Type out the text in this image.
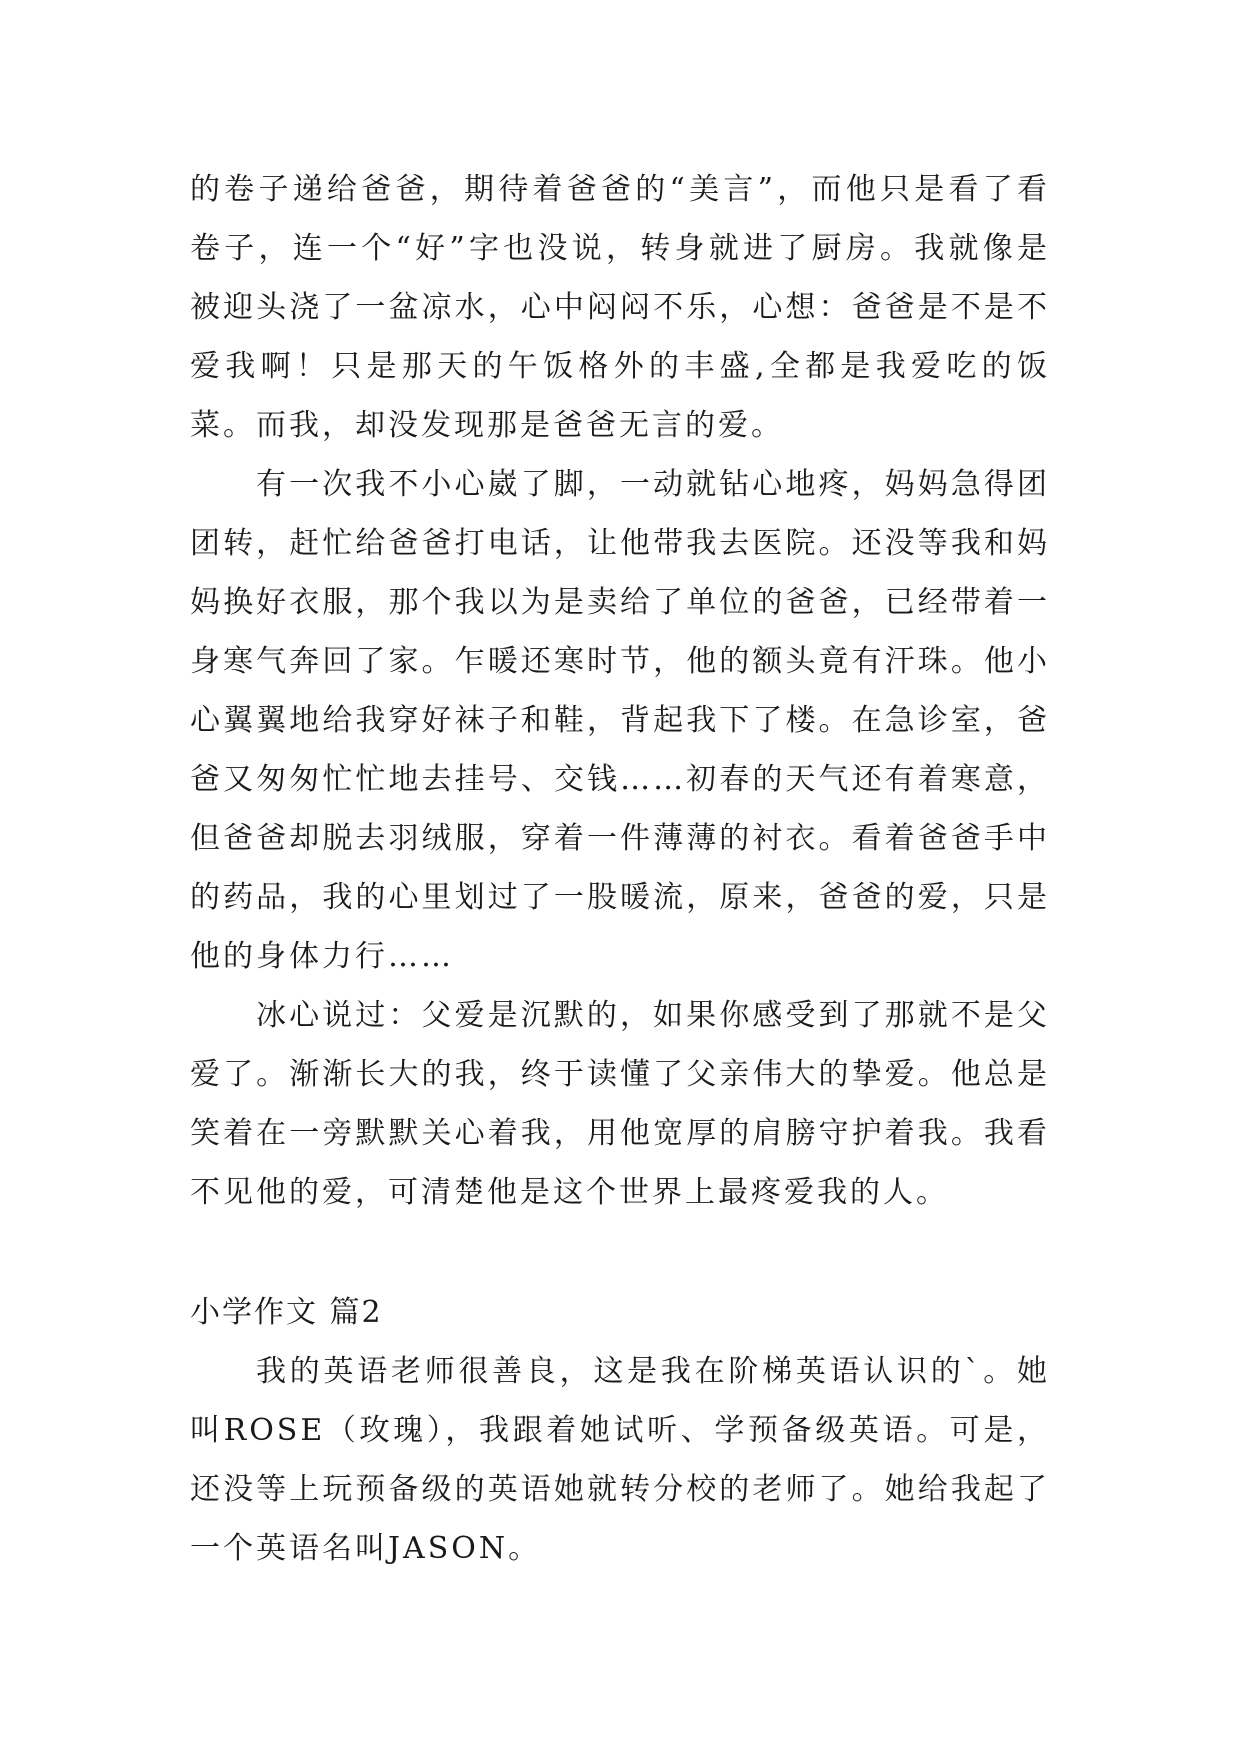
的卷子递给爸爸，期待着爸爸的“美言”，而他只是看了看卷子，连一个“好”字也没说，转身就进了厨房。我就像是被迎头浇了一盆凉水，心中闷闷不乐，心想：爸爸是不是不爱我啊！只是那天的午饭格外的丰盛,全都是我爱吃的饭菜。而我，却没发现那是爸爸无言的爱。

有一次我不小心崴了脚，一动就钻心地疼，妈妈急得团团转，赶忙给爸爸打电话，让他带我去医院。还没等我和妈妈换好衣服，那个我以为是卖给了单位的爸爸，已经带着一身寒气奔回了家。乍暖还寒时节，他的额头竟有汗珠。他小心翼翼地给我穿好袜子和鞋，背起我下了楼。在急诊室，爸爸又匆匆忙忙地去挂号、交钱……初春的天气还有着寒意，但爸爸却脱去羽绒服，穿着一件薄薄的衬衣。看着爸爸手中的药品，我的心里划过了一股暖流，原来，爸爸的爱，只是他的身体力行……

冰心说过：父爱是沉默的，如果你感受到了那就不是父爱了。渐渐长大的我，终于读懂了父亲伟大的挚爱。他总是笑着在一旁默默关心着我，用他宽厚的肩膀守护着我。我看不见他的爱，可清楚他是这个世界上最疼爱我的人。

小学作文 篇2

我的英语老师很善良，这是我在阶梯英语认识的`。她叫ROSE（玫瑰），我跟着她试听、学预备级英语。可是，还没等上玩预备级的英语她就转分校的老师了。她给我起了一个英语名叫JASON。
